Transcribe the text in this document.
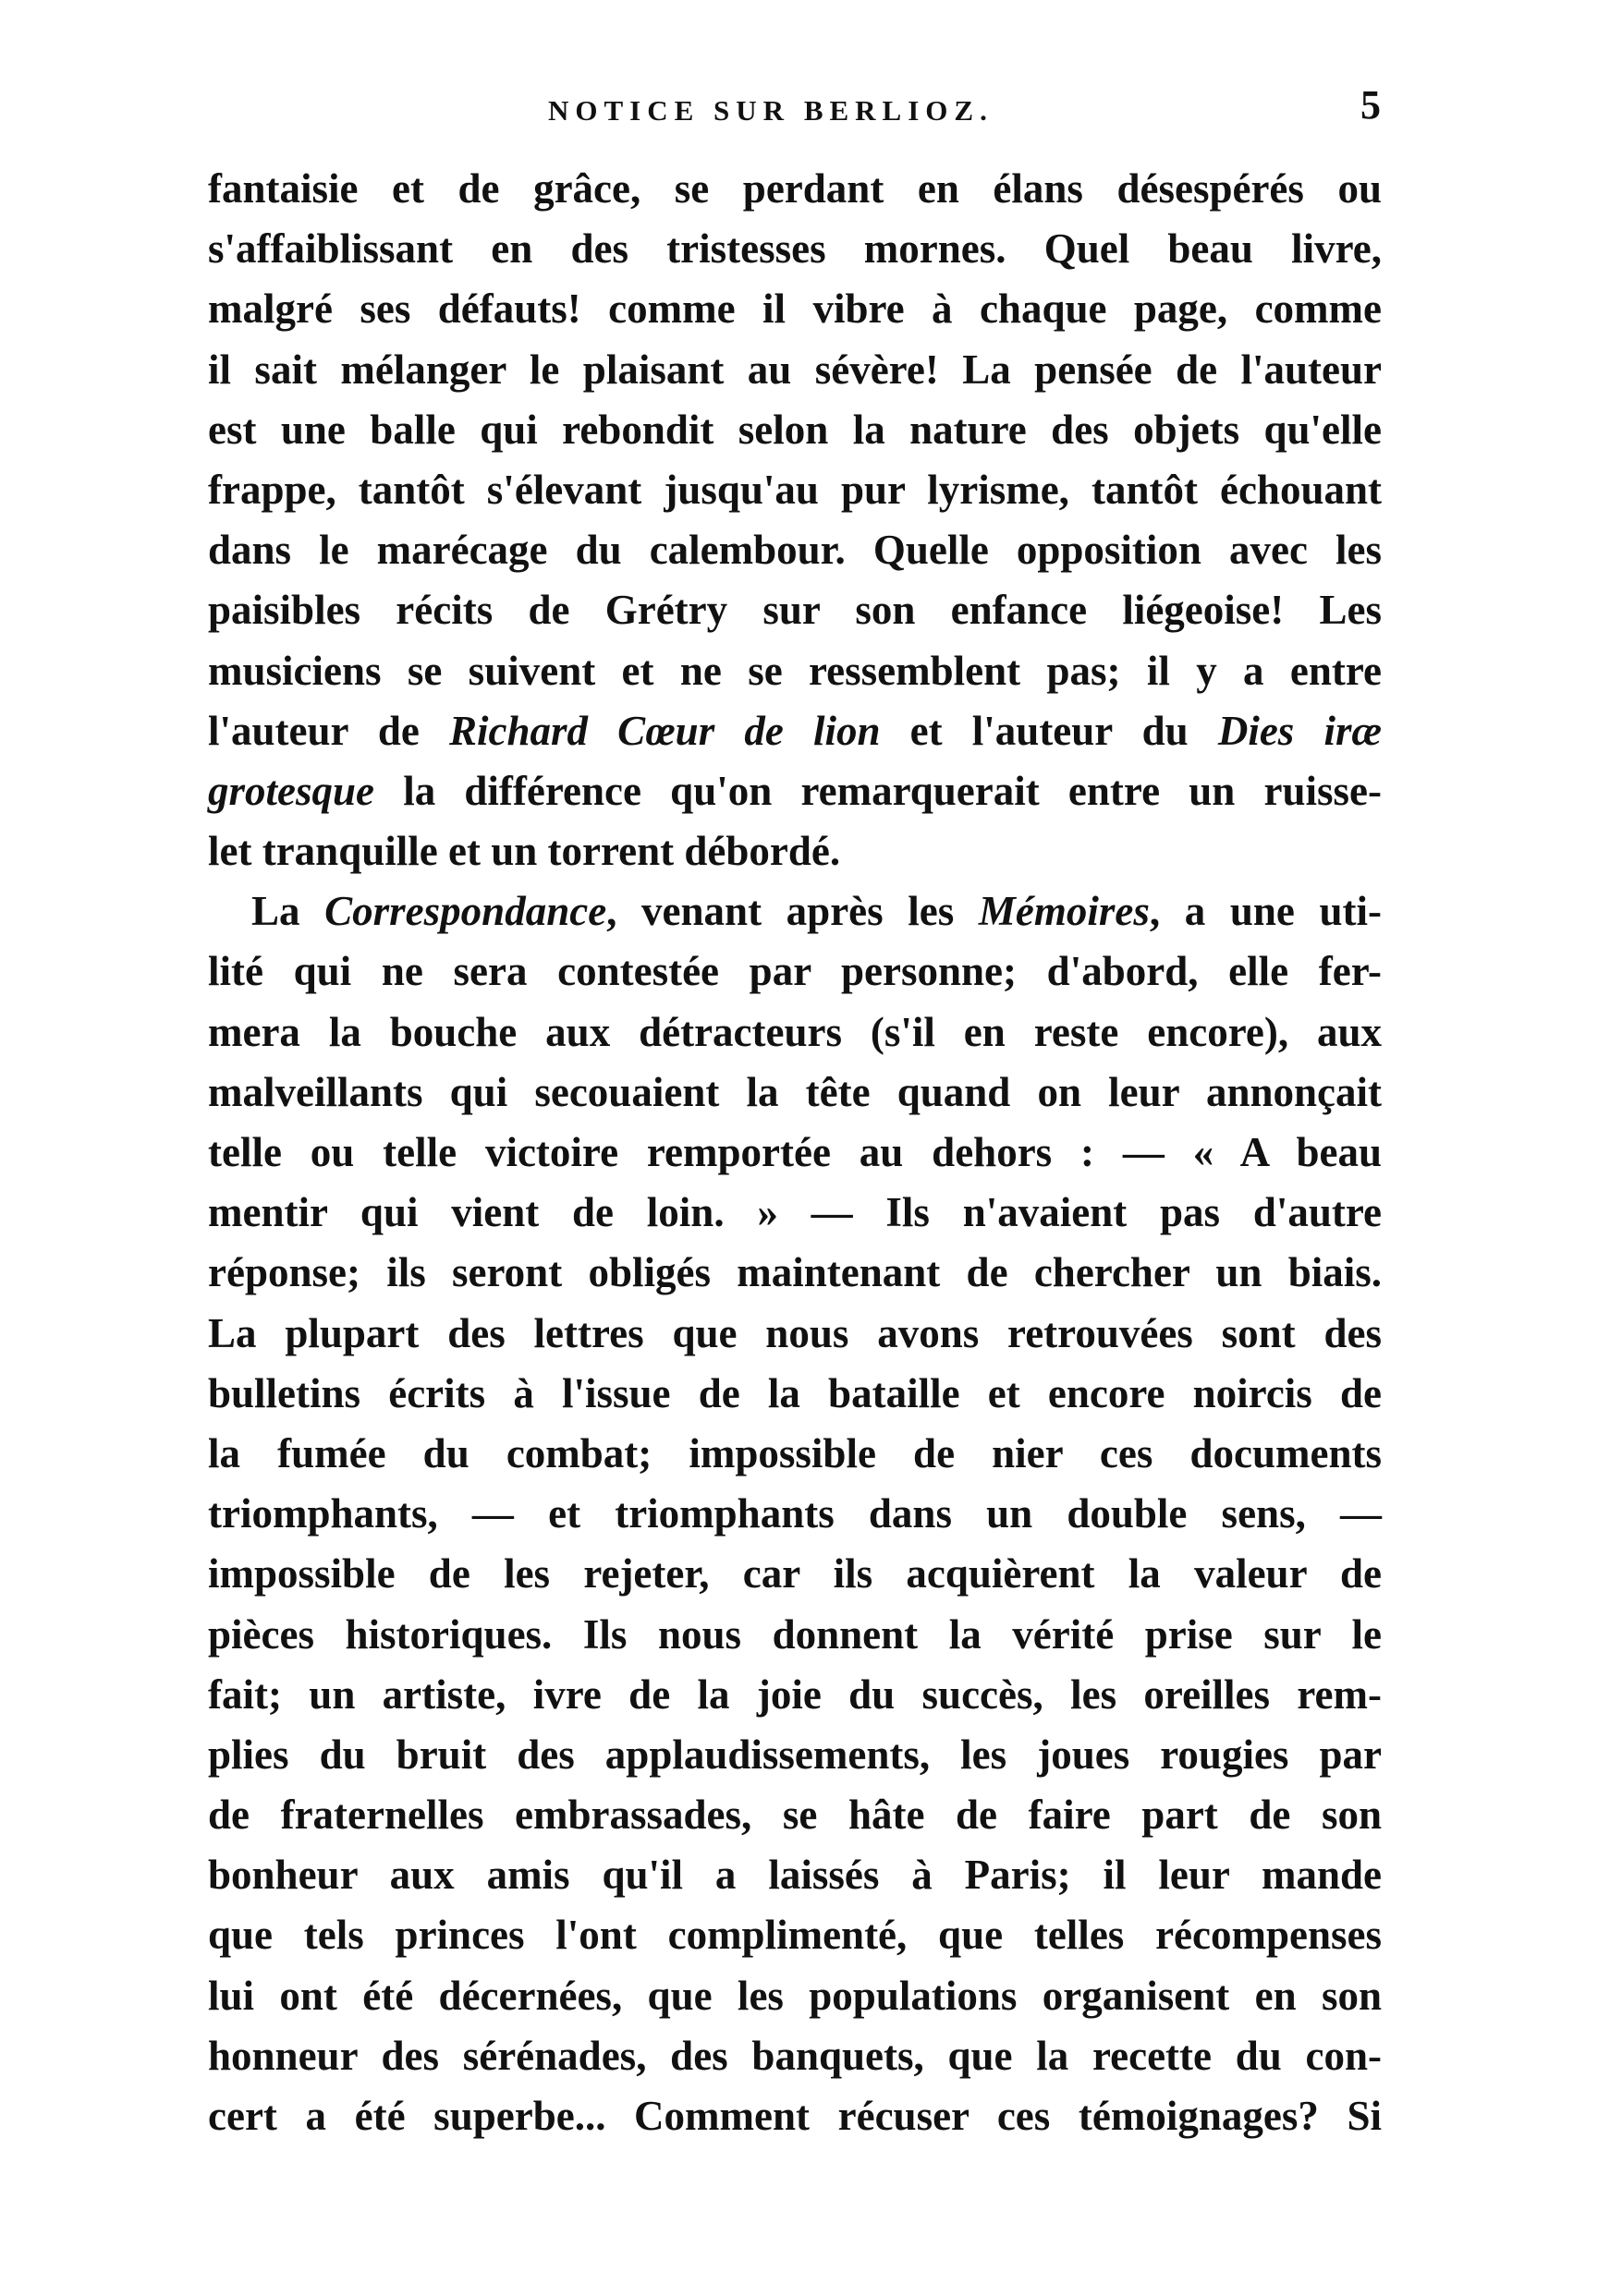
NOTICE SUR BERLIOZ.	5
fantaisie et de grâce, se perdant en élans désespérés ou
s'affaiblissant en des tristesses mornes. Quel beau livre,
malgré ses défauts! comme il vibre à chaque page, comme
il sait mélanger le plaisant au sévère! La pensée de l'auteur
est une balle qui rebondit selon la nature des objets qu'elle
frappe, tantôt s'élevant jusqu'au pur lyrisme, tantôt échouant
dans le marécage du calembour. Quelle opposition avec les
paisibles récits de Grétry sur son enfance liégeoise! Les
musiciens se suivent et ne se ressemblent pas; il y a entre
l'auteur de Richard Cœur de lion et l'auteur du Dies iræ
grotesque la différence qu'on remarquerait entre un ruisse-
let tranquille et un torrent débordé.
La Correspondance, venant après les Mémoires, a une uti-
lité qui ne sera contestée par personne; d'abord, elle fer-
mera la bouche aux détracteurs (s'il en reste encore), aux
malveillants qui secouaient la tête quand on leur annonçait
telle ou telle victoire remportée au dehors : — « A beau
mentir qui vient de loin. » — Ils n'avaient pas d'autre
réponse; ils seront obligés maintenant de chercher un biais.
La plupart des lettres que nous avons retrouvées sont des
bulletins écrits à l'issue de la bataille et encore noircis de
la fumée du combat; impossible de nier ces documents
triomphants, — et triomphants dans un double sens, —
impossible de les rejeter, car ils acquièrent la valeur de
pièces historiques. Ils nous donnent la vérité prise sur le
fait; un artiste, ivre de la joie du succès, les oreilles rem-
plies du bruit des applaudissements, les joues rougies par
de fraternelles embrassades, se hâte de faire part de son
bonheur aux amis qu'il a laissés à Paris; il leur mande
que tels princes l'ont complimenté, que telles récompenses
lui ont été décernées, que les populations organisent en son
honneur des sérénades, des banquets, que la recette du con-
cert a été superbe... Comment récuser ces témoignages? Si
